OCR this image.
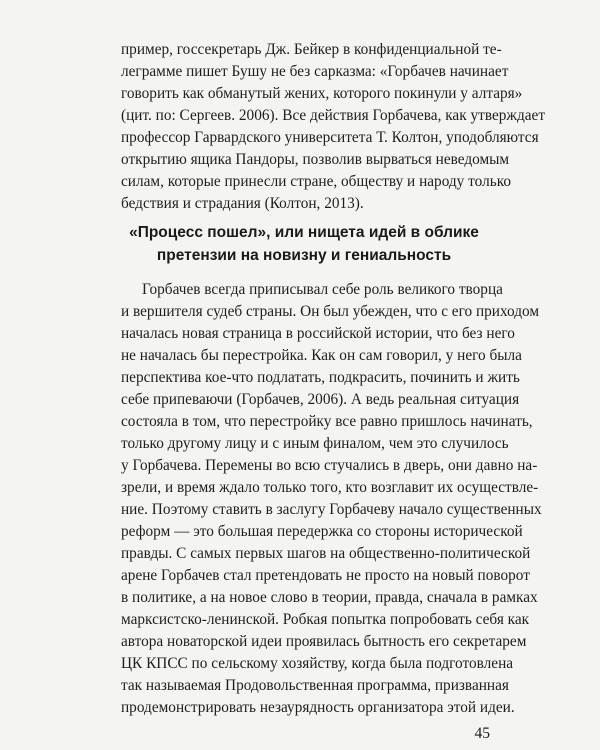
пример, госсекретарь Дж. Бейкер в конфиденциальной те-
леграмме пишет Бушу не без сарказма: «Горбачев начинает
говорить как обманутый жених, которого покинули у алтаря»
(цит. по: Сергеев. 2006). Все действия Горбачева, как утверждает
профессор Гарвардского университета Т. Колтон, уподобляются
открытию ящика Пандоры, позволив вырваться неведомым
силам, которые принесли стране, обществу и народу только
бедствия и страдания (Колтон, 2013).
«Процесс пошел», или нищета идей в облике
претензии на новизну и гениальность
Горбачев всегда приписывал себе роль великого творца
и вершителя судеб страны. Он был убежден, что с его приходом
началась новая страница в российской истории, что без него
не началась бы перестройка. Как он сам говорил, у него была
перспектива кое-что подлатать, подкрасить, починить и жить
себе припеваючи (Горбачев, 2006). А ведь реальная ситуация
состояла в том, что перестройку все равно пришлось начинать,
только другому лицу и с иным финалом, чем это случилось
у Горбачева. Перемены во всю стучались в дверь, они давно на-
зрели, и время ждало только того, кто возглавит их осуществле-
ние. Поэтому ставить в заслугу Горбачеву начало существенных
реформ — это большая передержка со стороны исторической
правды. С самых первых шагов на общественно-политической
арене Горбачев стал претендовать не просто на новый поворот
в политике, а на новое слово в теории, правда, сначала в рамках
марксистско-ленинской. Робкая попытка попробовать себя как
автора новаторской идеи проявилась бытность его секретарем
ЦК КПСС по сельскому хозяйству, когда была подготовлена
так называемая Продовольственная программа, призванная
продемонстрировать незаурядность организатора этой идеи.
45
